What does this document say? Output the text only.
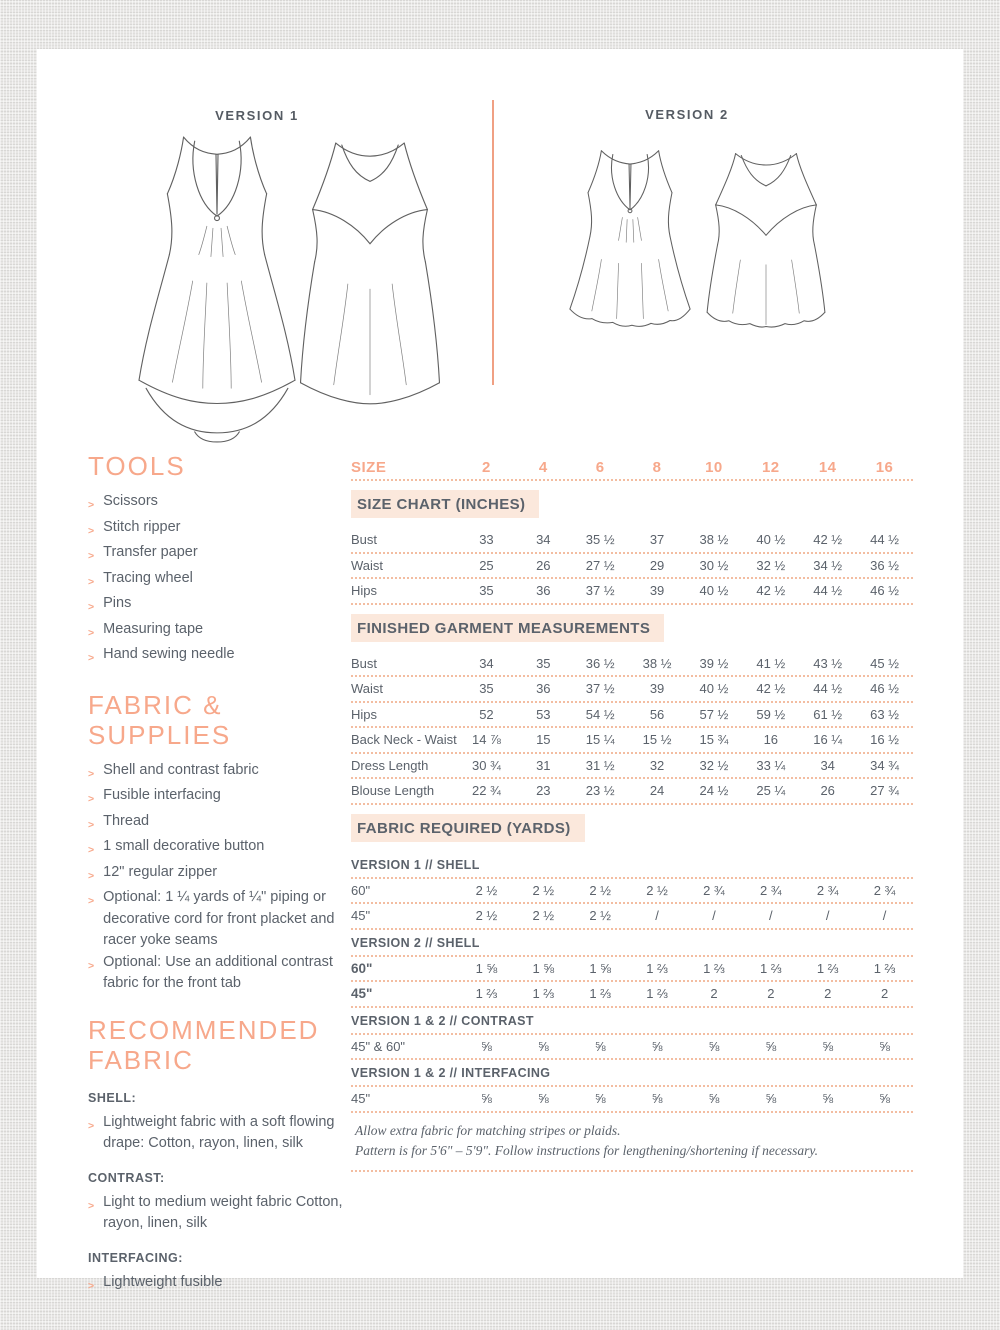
VERSION 1	VERSION 2
TOOLS
> Scissors
> Stitch ripper
> Transfer paper
> Tracing wheel
> Pins
> Measuring tape
> Hand sewing needle
FABRIC & SUPPLIES
> Shell and contrast fabric
> Fusible interfacing
> Thread
> 1 small decorative button
> 12" regular zipper
> Optional: 1 ¼ yards of ¼" piping or decorative cord for front placket and racer yoke seams
> Optional: Use an additional contrast fabric for the front tab
RECOMMENDED FABRIC
SHELL:
> Lightweight fabric with a soft flowing drape: Cotton, rayon, linen, silk
CONTRAST:
> Light to medium weight fabric Cotton, rayon, linen, silk
INTERFACING:
> Lightweight fusible
SIZE	2	4	6	8	10	12	14	16
SIZE CHART (INCHES)
Bust	33	34	35 ½	37	38 ½	40 ½	42 ½	44 ½
Waist	25	26	27 ½	29	30 ½	32 ½	34 ½	36 ½
Hips	35	36	37 ½	39	40 ½	42 ½	44 ½	46 ½
FINISHED GARMENT MEASUREMENTS
Bust	34	35	36 ½	38 ½	39 ½	41 ½	43 ½	45 ½
Waist	35	36	37 ½	39	40 ½	42 ½	44 ½	46 ½
Hips	52	53	54 ½	56	57 ½	59 ½	61 ½	63 ½
Back Neck - Waist	14 ⅞	15	15 ¼	15 ½	15 ¾	16	16 ¼	16 ½
Dress Length	30 ¾	31	31 ½	32	32 ½	33 ¼	34	34 ¾
Blouse Length	22 ¾	23	23 ½	24	24 ½	25 ¼	26	27 ¾
FABRIC REQUIRED (YARDS)
VERSION 1 // SHELL
60"	2 ½	2 ½	2 ½	2 ½	2 ¾	2 ¾	2 ¾	2 ¾
45"	2 ½	2 ½	2 ½	/	/	/	/	/
VERSION 2 // SHELL
60"	1 ⅝	1 ⅝	1 ⅝	1 ⅔	1 ⅔	1 ⅔	1 ⅔	1 ⅔
45"	1 ⅔	1 ⅔	1 ⅔	1 ⅔	2	2	2	2
VERSION 1 & 2 // CONTRAST
45" & 60"	⅝	⅝	⅝	⅝	⅝	⅝	⅝	⅝
VERSION 1 & 2 // INTERFACING
45"	⅝	⅝	⅝	⅝	⅝	⅝	⅝	⅝
Allow extra fabric for matching stripes or plaids.
Pattern is for 5'6" – 5'9". Follow instructions for lengthening/shortening if necessary.
